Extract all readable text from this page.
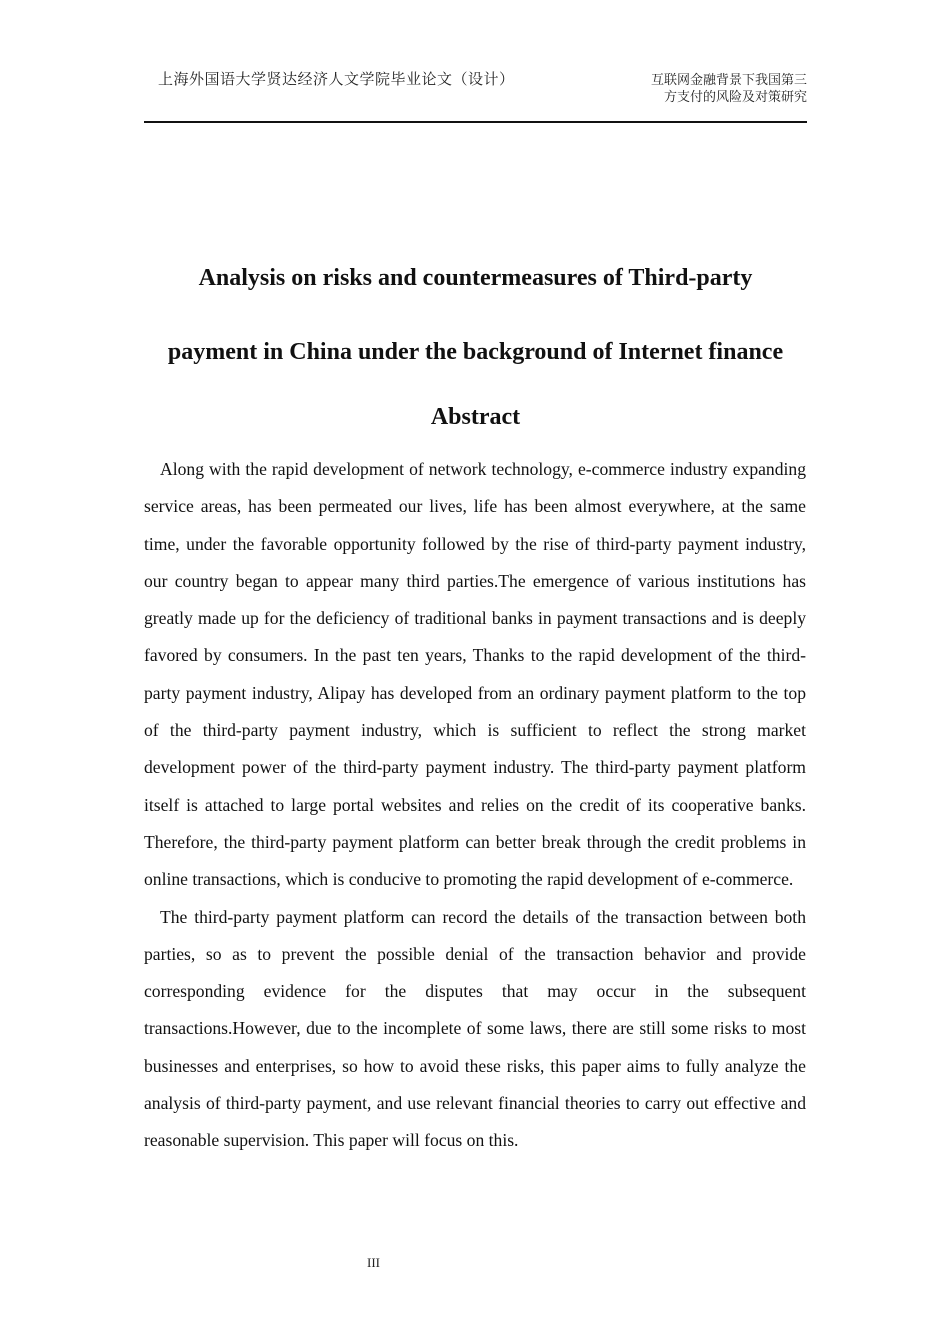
上海外国语大学贤达经济人文学院毕业论文（设计）	互联网金融背景下我国第三
方支付的风险及对策研究
Analysis on risks and countermeasures of Third-party
payment in China under the background of Internet finance
Abstract

Along with the rapid development of network technology, e-commerce industry expanding service areas, has been permeated our lives, life has been almost everywhere, at the same time, under the favorable opportunity followed by the rise of third-party payment industry, our country began to appear many third parties.The emergence of various institutions has greatly made up for the deficiency of traditional banks in payment transactions and is deeply favored by consumers. In the past ten years, Thanks to the rapid development of the third-party payment industry, Alipay has developed from an ordinary payment platform to the top of the third-party payment industry, which is sufficient to reflect the strong market development power of the third-party payment industry. The third-party payment platform itself is attached to large portal websites and relies on the credit of its cooperative banks. Therefore, the third-party payment platform can better break through the credit problems in online transactions, which is conducive to promoting the rapid development of e-commerce.

The third-party payment platform can record the details of the transaction between both parties, so as to prevent the possible denial of the transaction behavior and provide corresponding evidence for the disputes that may occur in the subsequent transactions.However, due to the incomplete of some laws, there are still some risks to most businesses and enterprises, so how to avoid these risks, this paper aims to fully analyze the analysis of third-party payment, and use relevant financial theories to carry out effective and reasonable supervision. This paper will focus on this.

III
